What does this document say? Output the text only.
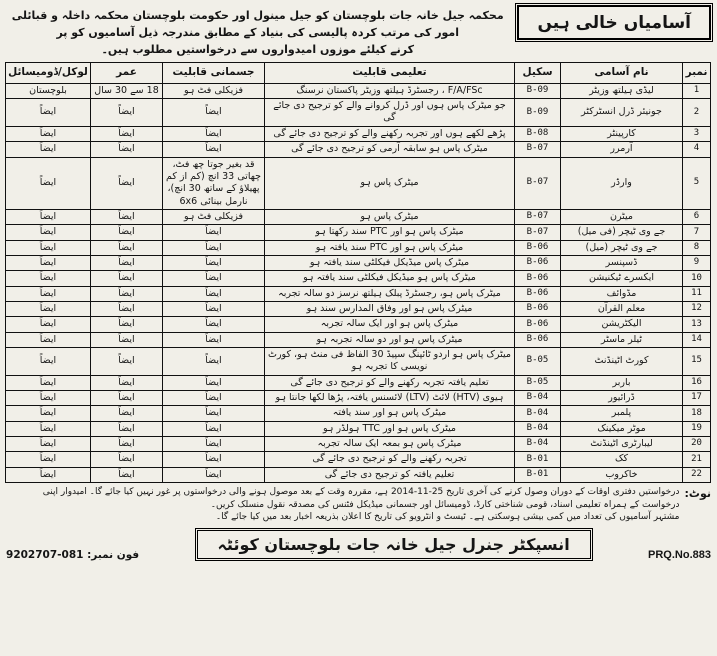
آسامیاں خالی ہیں
محکمہ جیل خانہ جات بلوچستان کو جیل مینول اور حکومت بلوچستان محکمہ داخلہ و قبائلی امور کی مرتب کردہ پالیسی کی بنیاد کے مطابق مندرجہ ذیل آسامیوں کو پر
کرنے کیلئے موزوں امیدواروں سے درخواستیں مطلوب ہیں۔
نمبر	نام آسامی	سکیل	تعلیمی قابلیت	جسمانی قابلیت	عمر	لوکل/ڈومیسائل
1	لیڈی ہیلتھ وزیٹر	B-09	F/A/FSc ، رجسٹرڈ ہیلتھ وزیٹر پاکستان نرسنگ	فزیکلی فٹ ہو	18 سے 30 سال	بلوچستان
2	جونیئر ڈرل انسٹرکٹر	B-09	جو میٹرک پاس ہوں اور ڈرل کروانے والے کو ترجیح دی جائے گی	ایضاً	ایضاً	ایضاً
3	کارپینٹر	B-08	پڑھے لکھے ہوں اور تجربہ رکھنے والے کو ترجیح دی جائے گی	ایضاً	ایضاً	ایضاً
4	آرمرر	B-07	میٹرک پاس ہو سابقہ آرمی کو ترجیح دی جائے گی	ایضاً	ایضاً	ایضاً
5	وارڈر	B-07	میٹرک پاس ہو	قد بغیر جوتا چھ فٹ، چھاتی 33 انچ (کم از کم پھیلاؤ کے ساتھ 30 انچ)، نارمل بینائی 6x6	ایضاً	ایضاً
6	میٹرن	B-07	میٹرک پاس ہو	فزیکلی فٹ ہو	ایضاً	ایضاً
7	جے وی ٹیچر (فی میل)	B-07	میٹرک پاس ہو اور PTC سند رکھتا ہو	ایضاً	ایضاً	ایضاً
8	جے وی ٹیچر (میل)	B-06	میٹرک پاس ہو اور PTC سند یافتہ ہو	ایضاً	ایضاً	ایضاً
9	ڈسپنسر	B-06	میٹرک پاس میڈیکل فیکلٹی سند یافتہ ہو	ایضاً	ایضاً	ایضاً
10	ایکسرے ٹیکنیشن	B-06	میٹرک پاس ہو میڈیکل فیکلٹی سند یافتہ ہو	ایضاً	ایضاً	ایضاً
11	مڈوائف	B-06	میٹرک پاس ہو، رجسٹرڈ پبلک ہیلتھ نرسز دو سالہ تجربہ	ایضاً	ایضاً	ایضاً
12	معلم القرآن	B-06	میٹرک پاس ہو اور وفاق المدارس سند ہو	ایضاً	ایضاً	ایضاً
13	الیکٹریشن	B-06	میٹرک پاس ہو اور ایک سالہ تجربہ	ایضاً	ایضاً	ایضاً
14	ٹیلر ماسٹر	B-06	میٹرک پاس ہو اور دو سالہ تجربہ ہو	ایضاً	ایضاً	ایضاً
15	کورٹ اٹینڈنٹ	B-05	میٹرک پاس ہو اردو ٹائپنگ سپیڈ 30 الفاظ فی منٹ ہو، کورٹ نویسی کا تجربہ ہو	ایضاً	ایضاً	ایضاً
16	باربر	B-05	تعلیم یافتہ تجربہ رکھنے والے کو ترجیح دی جائے گی	ایضاً	ایضاً	ایضاً
17	ڈرائیور	B-04	ہیوی (HTV) لائٹ (LTV) لائسنس یافتہ، پڑھا لکھا جانتا ہو	ایضاً	ایضاً	ایضاً
18	پلمبر	B-04	میٹرک پاس ہو اور سند یافتہ	ایضاً	ایضاً	ایضاً
19	موٹر میکینک	B-04	میٹرک پاس ہو اور TTC ہولڈر ہو	ایضاً	ایضاً	ایضاً
20	لیبارٹری اٹینڈنٹ	B-04	میٹرک پاس ہو بمعہ ایک سالہ تجربہ	ایضاً	ایضاً	ایضاً
21	کک	B-01	تجربہ رکھنے والے کو ترجیح دی جائے گی	ایضاً	ایضاً	ایضاً
22	خاکروب	B-01	تعلیم یافتہ کو ترجیح دی جائے گی	ایضاً	ایضاً	ایضاً
نوٹ:
درخواستیں دفتری اوقات کے دوران وصول کرنے کی آخری تاریخ 25-11-2014 ہے، مقررہ وقت کے بعد موصول ہونے والی درخواستوں پر غور نہیں کیا جائے گا۔ امیدوار اپنی درخواست کے ہمراہ تعلیمی اسناد، قومی شناختی کارڈ، ڈومیسائل اور جسمانی میڈیکل فٹنس کی مصدقہ نقول منسلک کریں۔
مشتہر آسامیوں کی تعداد میں کمی بیشی ہوسکتی ہے۔ ٹیسٹ و انٹرویو کی تاریخ کا اعلان بذریعہ اخبار بعد میں کیا جائے گا۔
PRQ.No.883
انسپکٹر جنرل جیل خانہ جات بلوچستان کوئٹہ
فون نمبر: 081-9202707
